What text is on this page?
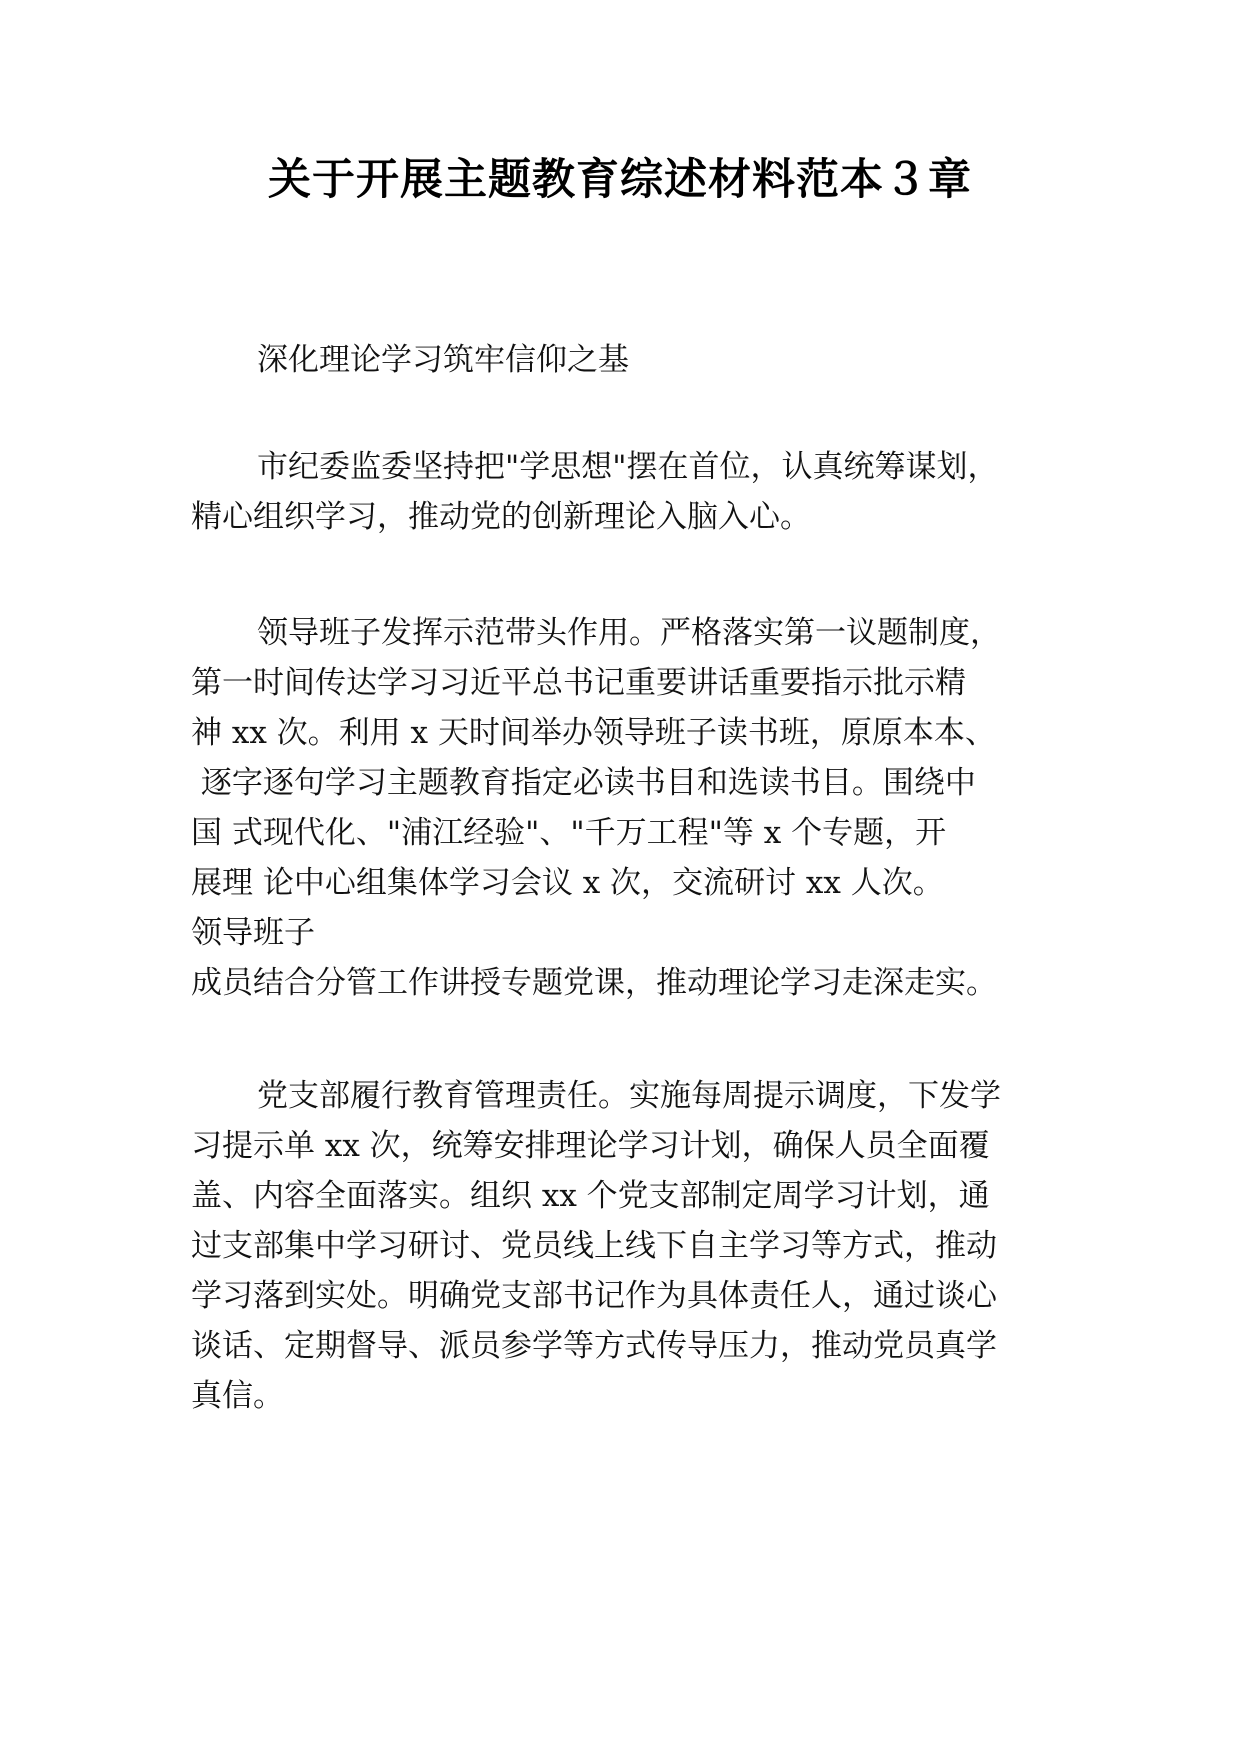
关于开展主题教育综述材料范本３章

深化理论学习筑牢信仰之基

市纪委监委坚持把"学思想"摆在首位，认真统筹谋划，
精心组织学习，推动党的创新理论入脑入心。
领导班子发挥示范带头作用。严格落实第一议题制度，
第一时间传达学习习近平总书记重要讲话重要指示批示精
神 xx 次。利用 x 天时间举办领导班子读书班，原原本本、
逐字逐句学习主题教育指定必读书目和选读书目。围绕中
国 式现代化、"浦江经验"、"千万工程"等 x 个专题，开
展理 论中心组集体学习会议 x 次，交流研讨 xx 人次。
领导班子
成员结合分管工作讲授专题党课，推动理论学习走深走实。
党支部履行教育管理责任。实施每周提示调度，下发学
习提示单 xx 次，统筹安排理论学习计划，确保人员全面覆
盖、内容全面落实。组织 xx 个党支部制定周学习计划，通
过支部集中学习研讨、党员线上线下自主学习等方式，推动
学习落到实处。明确党支部书记作为具体责任人，通过谈心
谈话、定期督导、派员参学等方式传导压力，推动党员真学
真信。
